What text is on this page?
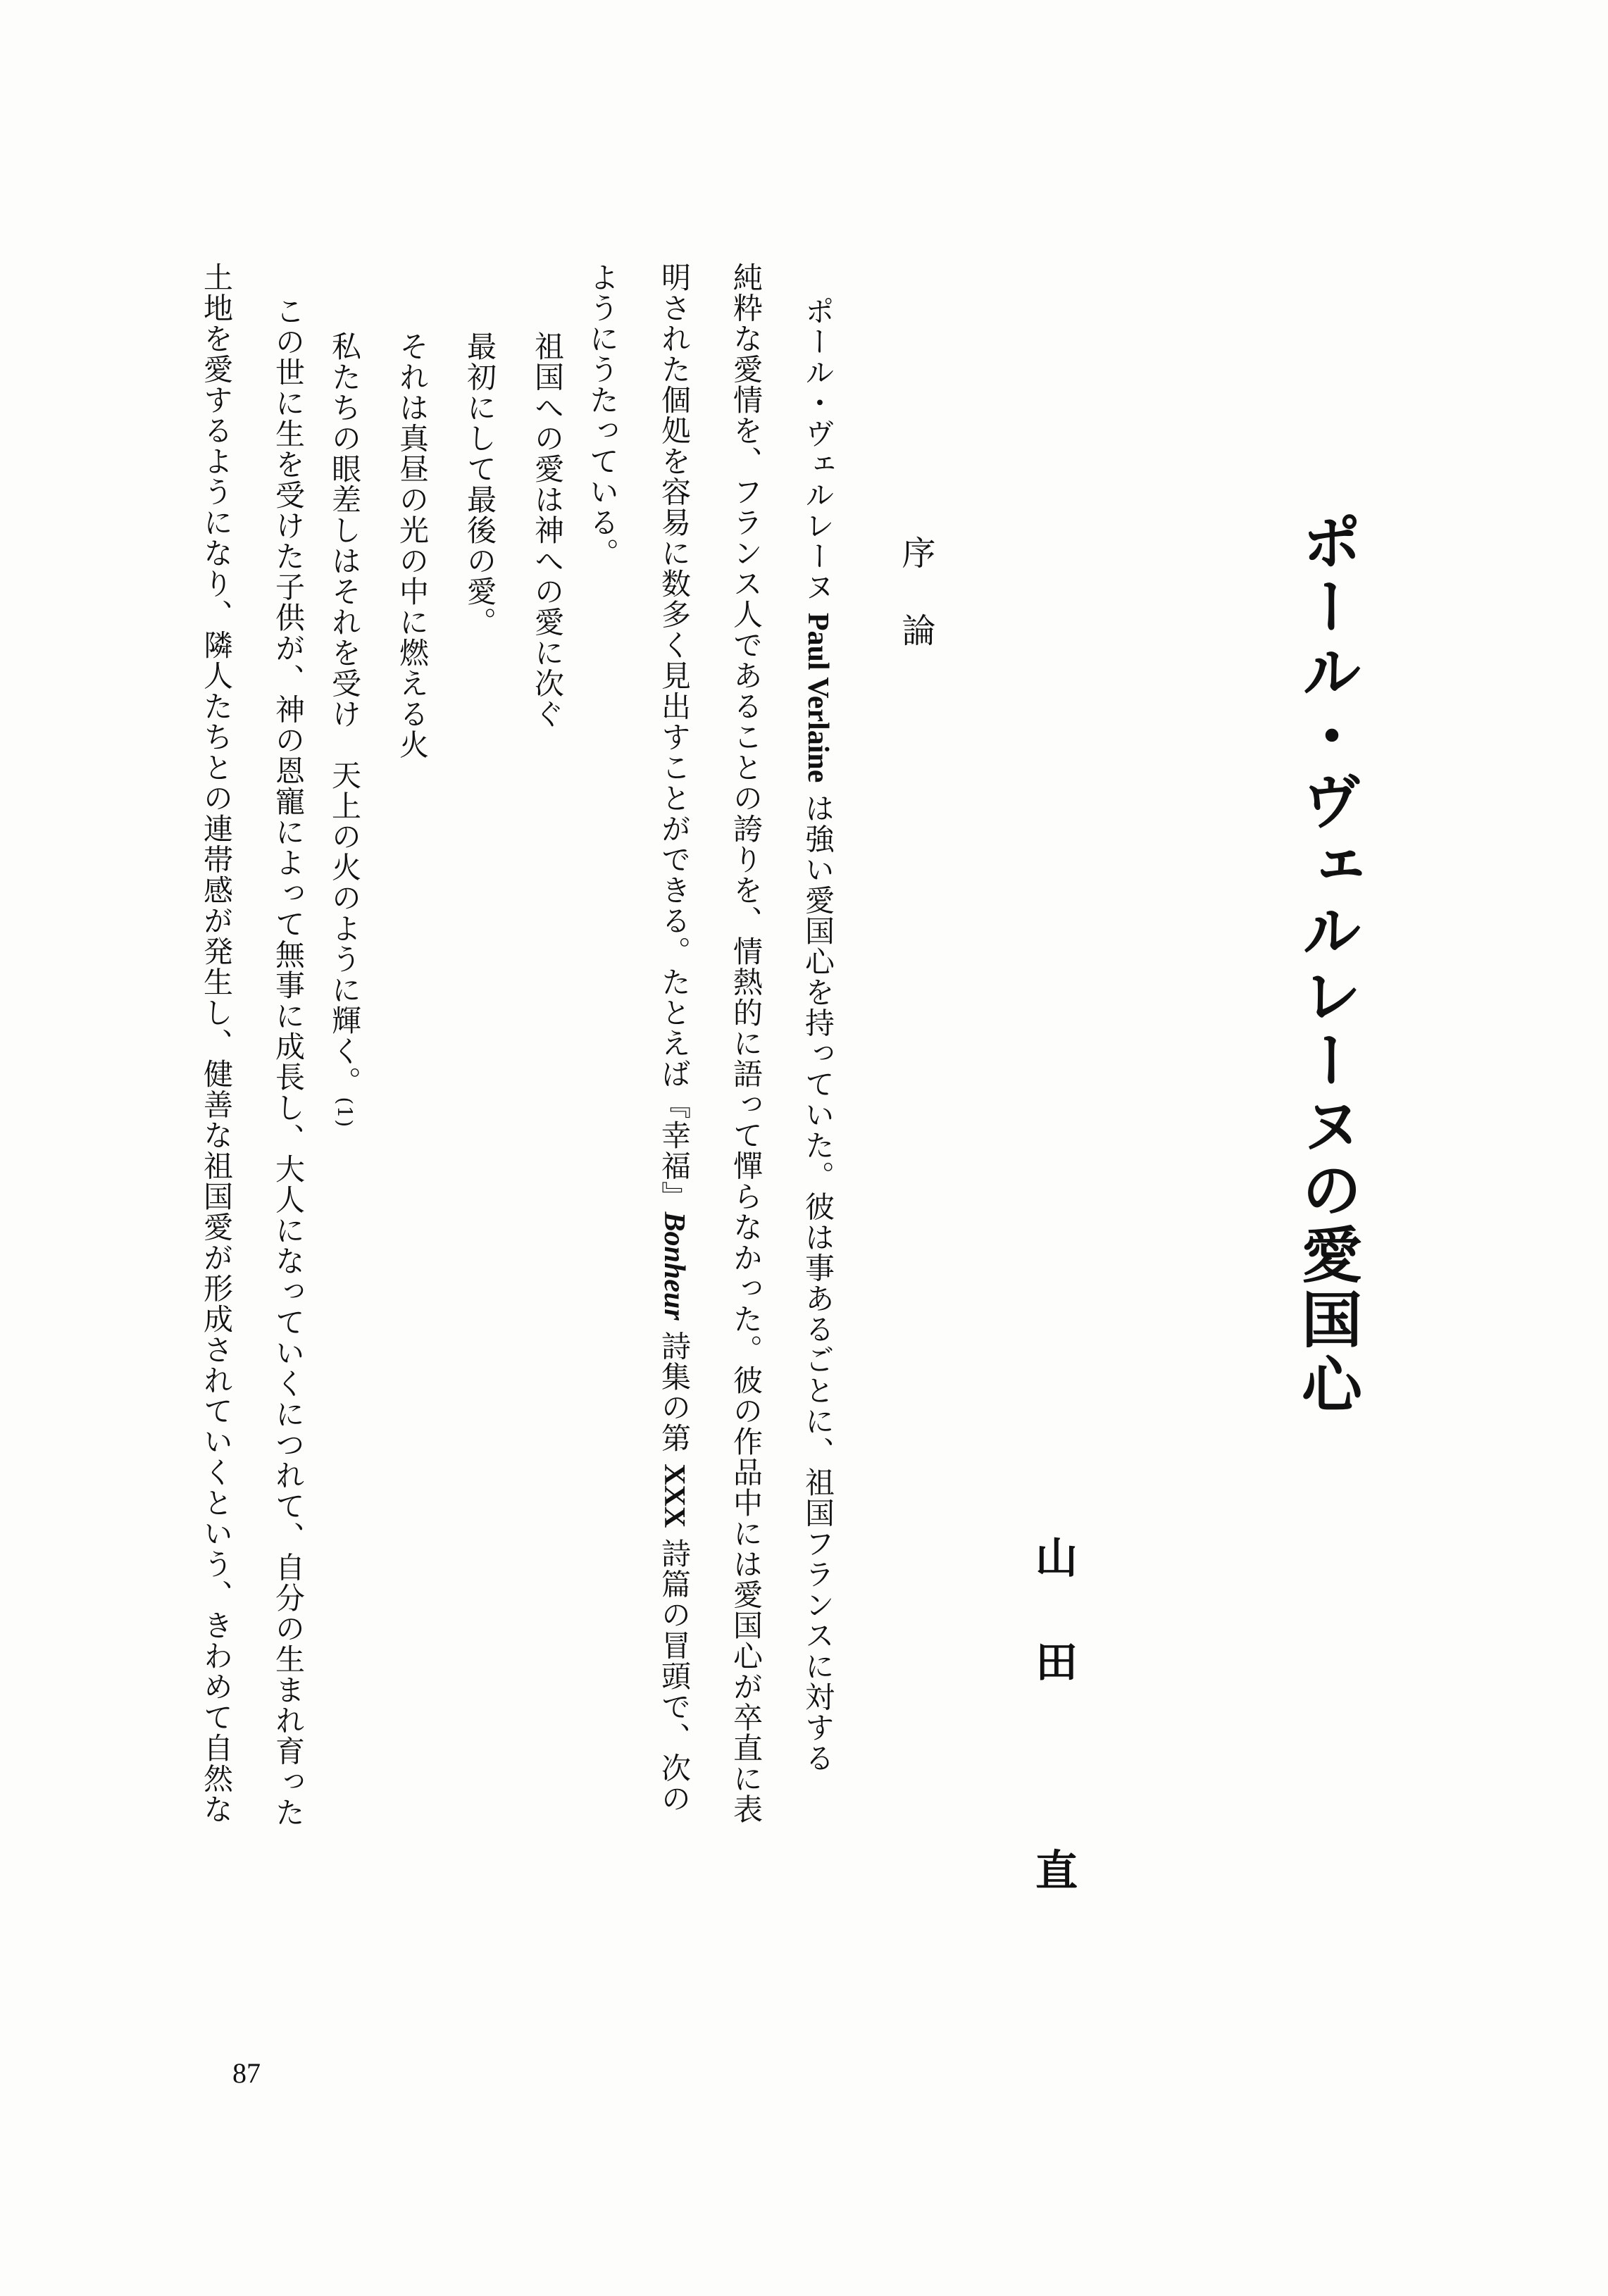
ポール・ヴェルレーヌの愛国心
山田　直
序論
ポール・ヴェルレーヌ Paul Verlaine は強い愛国心を持っていた。彼は事あるごとに、祖国フランスに対する
純粋な愛情を、フランス人であることの誇りを、情熱的に語って憚らなかった。彼の作品中には愛国心が卒直に表
明された個処を容易に数多く見出すことができる。たとえば『幸福』Bonheur 詩集の第 XXX 詩篇の冒頭で、次の
ようにうたっている。
祖国への愛は神への愛に次ぐ
最初にして最後の愛。
それは真昼の光の中に燃える火
私たちの眼差しはそれを受け　天上の火のように輝く。(1)
この世に生を受けた子供が、神の恩寵によって無事に成長し、大人になっていくにつれて、自分の生まれ育った
土地を愛するようになり、隣人たちとの連帯感が発生し、健善な祖国愛が形成されていくという、きわめて自然な
87
